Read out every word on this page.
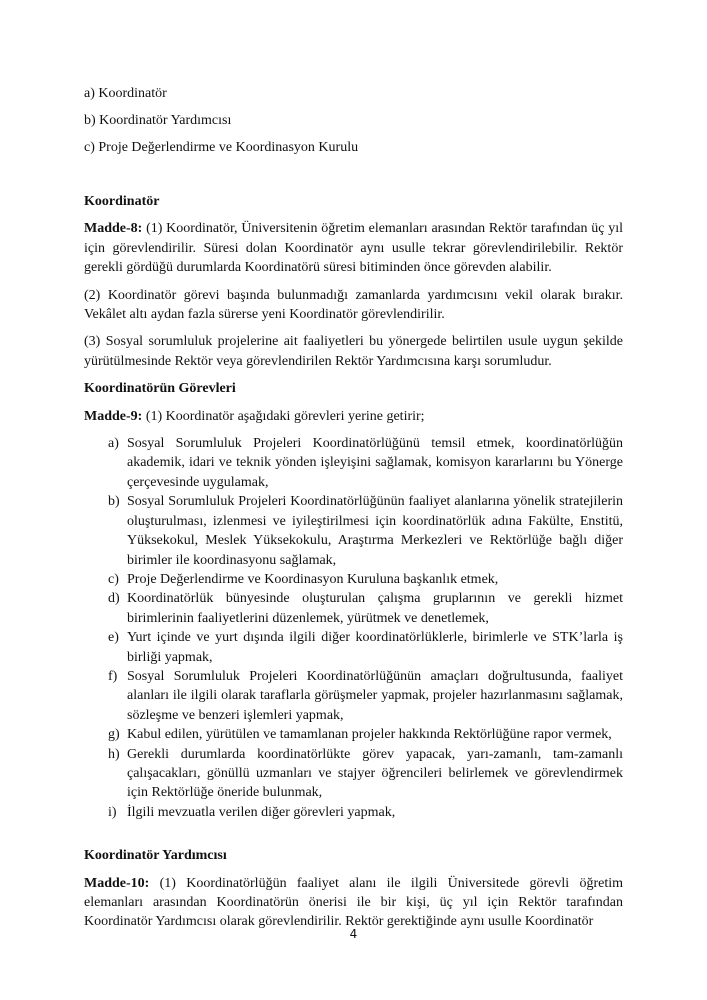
a) Koordinatör
b) Koordinatör Yardımcısı
c) Proje Değerlendirme ve Koordinasyon Kurulu
Koordinatör

Madde-8: (1) Koordinatör, Üniversitenin öğretim elemanları arasından Rektör tarafından üç yıl için görevlendirilir. Süresi dolan Koordinatör aynı usulle tekrar görevlendirilebilir. Rektör gerekli gördüğü durumlarda Koordinatörü süresi bitiminden önce görevden alabilir.

(2) Koordinatör görevi başında bulunmadığı zamanlarda yardımcısını vekil olarak bırakır. Vekâlet altı aydan fazla sürerse yeni Koordinatör görevlendirilir.

(3) Sosyal sorumluluk projelerine ait faaliyetleri bu yönergede belirtilen usule uygun şekilde yürütülmesinde Rektör veya görevlendirilen Rektör Yardımcısına karşı sorumludur.

Koordinatörün Görevleri

Madde-9: (1) Koordinatör aşağıdaki görevleri yerine getirir;

a) Sosyal Sorumluluk Projeleri Koordinatörlüğünü temsil etmek, koordinatörlüğün akademik, idari ve teknik yönden işleyişini sağlamak, komisyon kararlarını bu Yönerge çerçevesinde uygulamak,
b) Sosyal Sorumluluk Projeleri Koordinatörlüğünün faaliyet alanlarına yönelik stratejilerin oluşturulması, izlenmesi ve iyileştirilmesi için koordinatörlük adına Fakülte, Enstitü, Yüksekokul, Meslek Yüksekokulu, Araştırma Merkezleri ve Rektörlüğe bağlı diğer birimler ile koordinasyonu sağlamak,
c) Proje Değerlendirme ve Koordinasyon Kuruluna başkanlık etmek,
d) Koordinatörlük bünyesinde oluşturulan çalışma gruplarının ve gerekli hizmet birimlerinin faaliyetlerini düzenlemek, yürütmek ve denetlemek,
e) Yurt içinde ve yurt dışında ilgili diğer koordinatörlüklerle, birimlerle ve STK’larla iş birliği yapmak,
f) Sosyal Sorumluluk Projeleri Koordinatörlüğünün amaçları doğrultusunda, faaliyet alanları ile ilgili olarak taraflarla görüşmeler yapmak, projeler hazırlanmasını sağlamak, sözleşme ve benzeri işlemleri yapmak,
g) Kabul edilen, yürütülen ve tamamlanan projeler hakkında Rektörlüğüne rapor vermek,
h) Gerekli durumlarda koordinatörlükte görev yapacak, yarı-zamanlı, tam-zamanlı çalışacakları, gönüllü uzmanları ve stajyer öğrencileri belirlemek ve görevlendirmek için Rektörlüğe öneride bulunmak,
i) İlgili mevzuatla verilen diğer görevleri yapmak,
Koordinatör Yardımcısı

Madde-10: (1) Koordinatörlüğün faaliyet alanı ile ilgili Üniversitede görevli öğretim elemanları arasından Koordinatörün önerisi ile bir kişi, üç yıl için Rektör tarafından Koordinatör Yardımcısı olarak görevlendirilir. Rektör gerektiğinde aynı usulle Koordinatör

4
